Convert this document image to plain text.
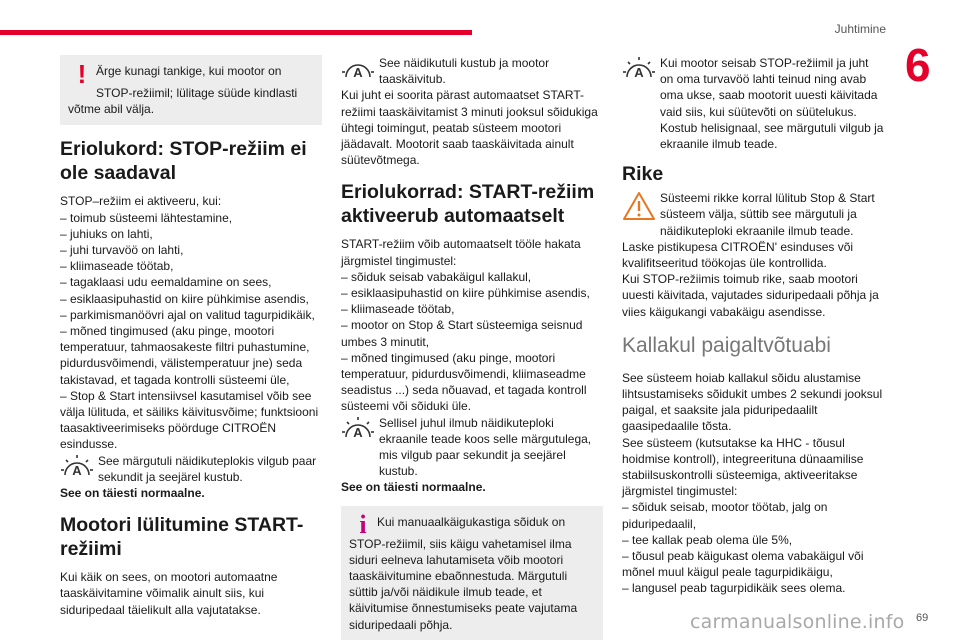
Juhtimine
6
! Ärge kunagi tankige, kui mootor on
STOP-režiimil; lülitage süüde kindlasti
võtme abil välja.
Eriolukord: STOP-režiim ei ole saadaval

STOP–režiim ei aktiveeru, kui:

– toimub süsteemi lähtestamine,

– juhiuks on lahti,

– juhi turvavöö on lahti,

– kliimaseade töötab,

– tagaklaasi udu eemaldamine on sees,

– esiklaasipuhastid on kiire pühkimise asendis,

– parkimismanöövri ajal on valitud tagurpidikäik,

– mõned tingimused (aku pinge, mootori temperatuur, tahmaosakeste filtri puhastumine, pidurdusvõimendi, välistemperatuur jne) seda takistavad, et tagada kontrolli süsteemi üle,

– Stop & Start intensiivsel kasutamisel võib see välja lülituda, et säiliks käivitusvõime; funktsiooni taasaktiveerimiseks pöörduge CITROËN esindusse.

A

See märgutuli näidikuteplokis vilgub paar sekundit ja seejärel kustub.

See on täiesti normaalne.

Mootori lülitumine START-režiimi

Kui käik on sees, on mootori automaatne taaskäivitamine võimalik ainult siis, kui siduripedaal täielikult alla vajutatakse.

A

See näidikutuli kustub ja mootor taaskäivitub.

Kui juht ei soorita pärast automaatset START-režiimi taaskäivitamist 3 minuti jooksul sõidukiga ühtegi toimingut, peatab süsteem mootori jäädavalt. Mootorit saab taaskäivitada ainult süütevõtmega.

Eriolukorrad: START-režiim aktiveerub automaatselt

START-režiim võib automaatselt tööle hakata järgmistel tingimustel:

– sõiduk seisab vabakäigul kallakul,

– esiklaasipuhastid on kiire pühkimise asendis,

– kliimaseade töötab,

– mootor on Stop & Start süsteemiga seisnud umbes 3 minutit,

– mõned tingimused (aku pinge, mootori temperatuur, pidurdusvõimendi, kliimaseadme seadistus ...) seda nõuavad, et tagada kontroll süsteemi või sõiduki üle.

A

Sellisel juhul ilmub näidikuteploki ekraanile teade koos selle märgutulega, mis vilgub paar sekundit ja seejärel kustub.

See on täiesti normaalne.

i Kui manuaalkäigukastiga sõiduk on
STOP-režiimil, siis käigu vahetamisel ilma siduri eelneva lahutamiseta võib mootori taaskäivitumine ebaõnnestuda. Märgutuli süttib ja/või näidikule ilmub teade, et käivitumise õnnestumiseks peate vajutama siduripedaali põhja.
A

Kui mootor seisab STOP-režiimil ja juht on oma turvavöö lahti teinud ning avab oma ukse, saab mootorit uuesti käivitada vaid siis, kui süütevõti on süütelukus. Kostub helisignaal, see märgutuli vilgub ja ekraanile ilmub teade.

Rike

Süsteemi rikke korral lülitub Stop & Start süsteem välja, süttib see märgutuli ja näidikuteploki ekraanile ilmub teade.

Laske pistikupesa CITROËN' esinduses või kvalifitseeritud töökojas üle kontrollida.

Kui STOP-režiimis toimub rike, saab mootori uuesti käivitada, vajutades siduripedaali põhja ja viies käigukangi vabakäigu asendisse.

Kallakul paigaltvõtuabi

See süsteem hoiab kallakul sõidu alustamise lihtsustamiseks sõidukit umbes 2 sekundi jooksul paigal, et saaksite jala piduripedaalilt gaasipedaalile tõsta.

See süsteem (kutsutakse ka HHC - tõusul hoidmise kontroll), integreerituna dünaamilise stabiilsuskontrolli süsteemiga, aktiveeritakse järgmistel tingimustel:

– sõiduk seisab, mootor töötab, jalg on piduripedaalil,

– tee kallak peab olema üle 5%,

– tõusul peab käigukast olema vabakäigul või mõnel muul käigul peale tagurpidikäigu,

– langusel peab tagurpidikäik sees olema.

carmanualsonline.info 69
